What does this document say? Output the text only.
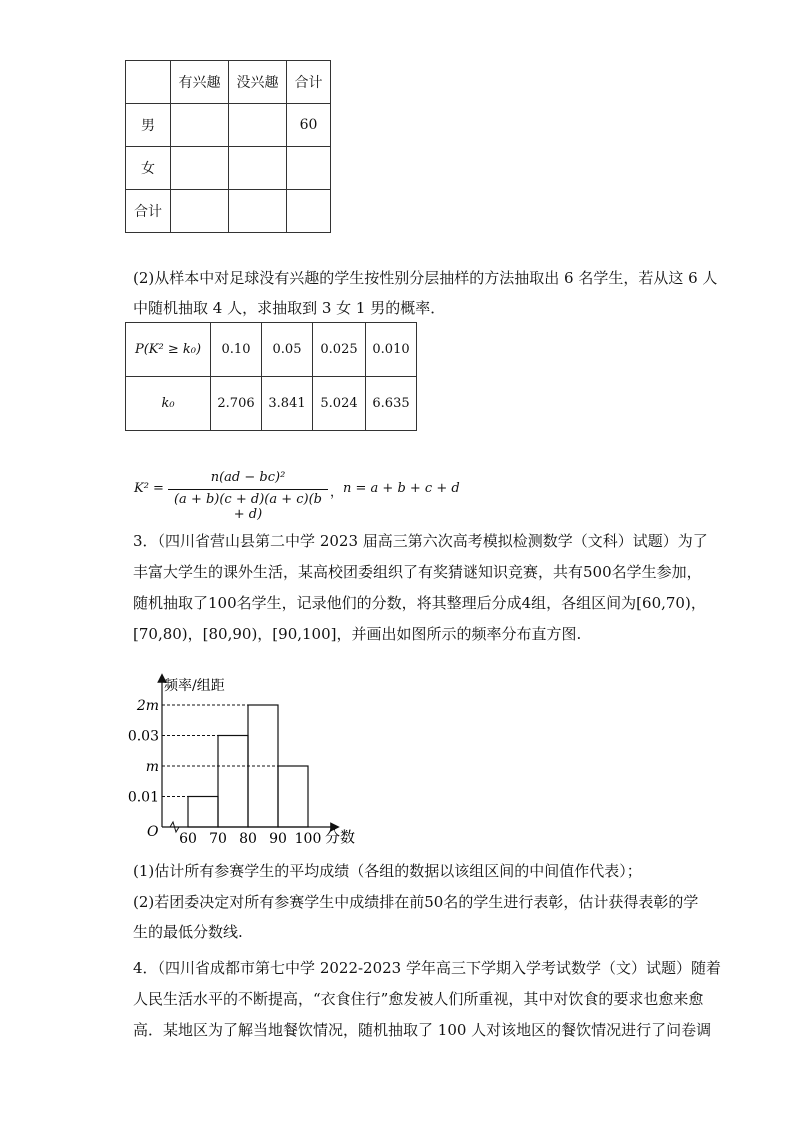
	有兴趣	没兴趣	合计
男			60
女			
合计			
(2)从样本中对足球没有兴趣的学生按性别分层抽样的方法抽取出 6 名学生，若从这 6 人
中随机抽取 4 人，求抽取到 3 女 1 男的概率．
P(K² ≥ k₀)	0.10	0.05	0.025	0.010
k₀	2.706	3.841	5.024	6.635
K² =
n(ad − bc)²
(a + b)(c + d)(a + c)(b + d)
， n = a + b + c + d
3．（四川省营山县第二中学 2023 届高三第六次高考模拟检测数学（文科）试题）为了
丰富大学生的课外生活，某高校团委组织了有奖猜谜知识竞赛，共有500名学生参加，
随机抽取了100名学生，记录他们的分数，将其整理后分成4组，各组区间为[60,70)，
[70,80)，[80,90)，[90,100]，并画出如图所示的频率分布直方图.
0.01
0.03
2m
m
60 70 80 90 100
频率/组距
分数
O
(1)估计所有参赛学生的平均成绩（各组的数据以该组区间的中间值作代表）；
(2)若团委决定对所有参赛学生中成绩排在前50名的学生进行表彰，估计获得表彰的学
生的最低分数线.
4．（四川省成都市第七中学 2022-2023 学年高三下学期入学考试数学（文）试题）随着
人民生活水平的不断提高，“衣食住行”愈发被人们所重视，其中对饮食的要求也愈来愈
高．某地区为了解当地餐饮情况，随机抽取了 100 人对该地区的餐饮情况进行了问卷调
